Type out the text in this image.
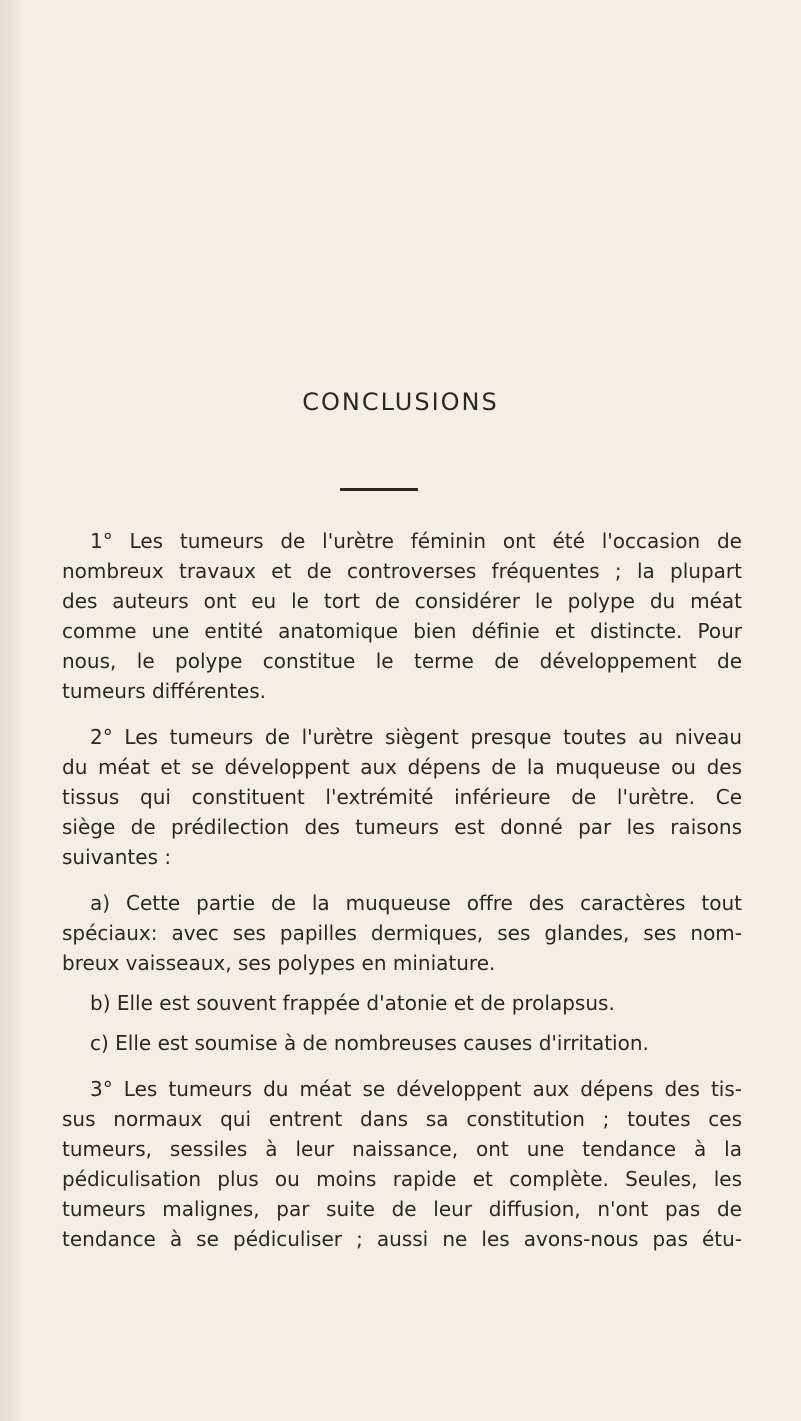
CONCLUSIONS

1° Les tumeurs de l'urètre féminin ont été l'occasion de
nombreux travaux et de controverses fréquentes ; la plupart
des auteurs ont eu le tort de considérer le polype du méat
comme une entité anatomique bien définie et distincte. Pour
nous, le polype constitue le terme de développement de
tumeurs différentes.

2° Les tumeurs de l'urètre siègent presque toutes au niveau
du méat et se développent aux dépens de la muqueuse ou des
tissus qui constituent l'extrémité inférieure de l'urètre. Ce
siège de prédilection des tumeurs est donné par les raisons
suivantes :

a) Cette partie de la muqueuse offre des caractères tout
spéciaux: avec ses papilles dermiques, ses glandes, ses nom-
breux vaisseaux, ses polypes en miniature.

b) Elle est souvent frappée d'atonie et de prolapsus.

c) Elle est soumise à de nombreuses causes d'irritation.

3° Les tumeurs du méat se développent aux dépens des tis-
sus normaux qui entrent dans sa constitution ; toutes ces
tumeurs, sessiles à leur naissance, ont une tendance à la
pédiculisation plus ou moins rapide et complète. Seules, les
tumeurs malignes, par suite de leur diffusion, n'ont pas de
tendance à se pédiculiser ; aussi ne les avons-nous pas étu-
